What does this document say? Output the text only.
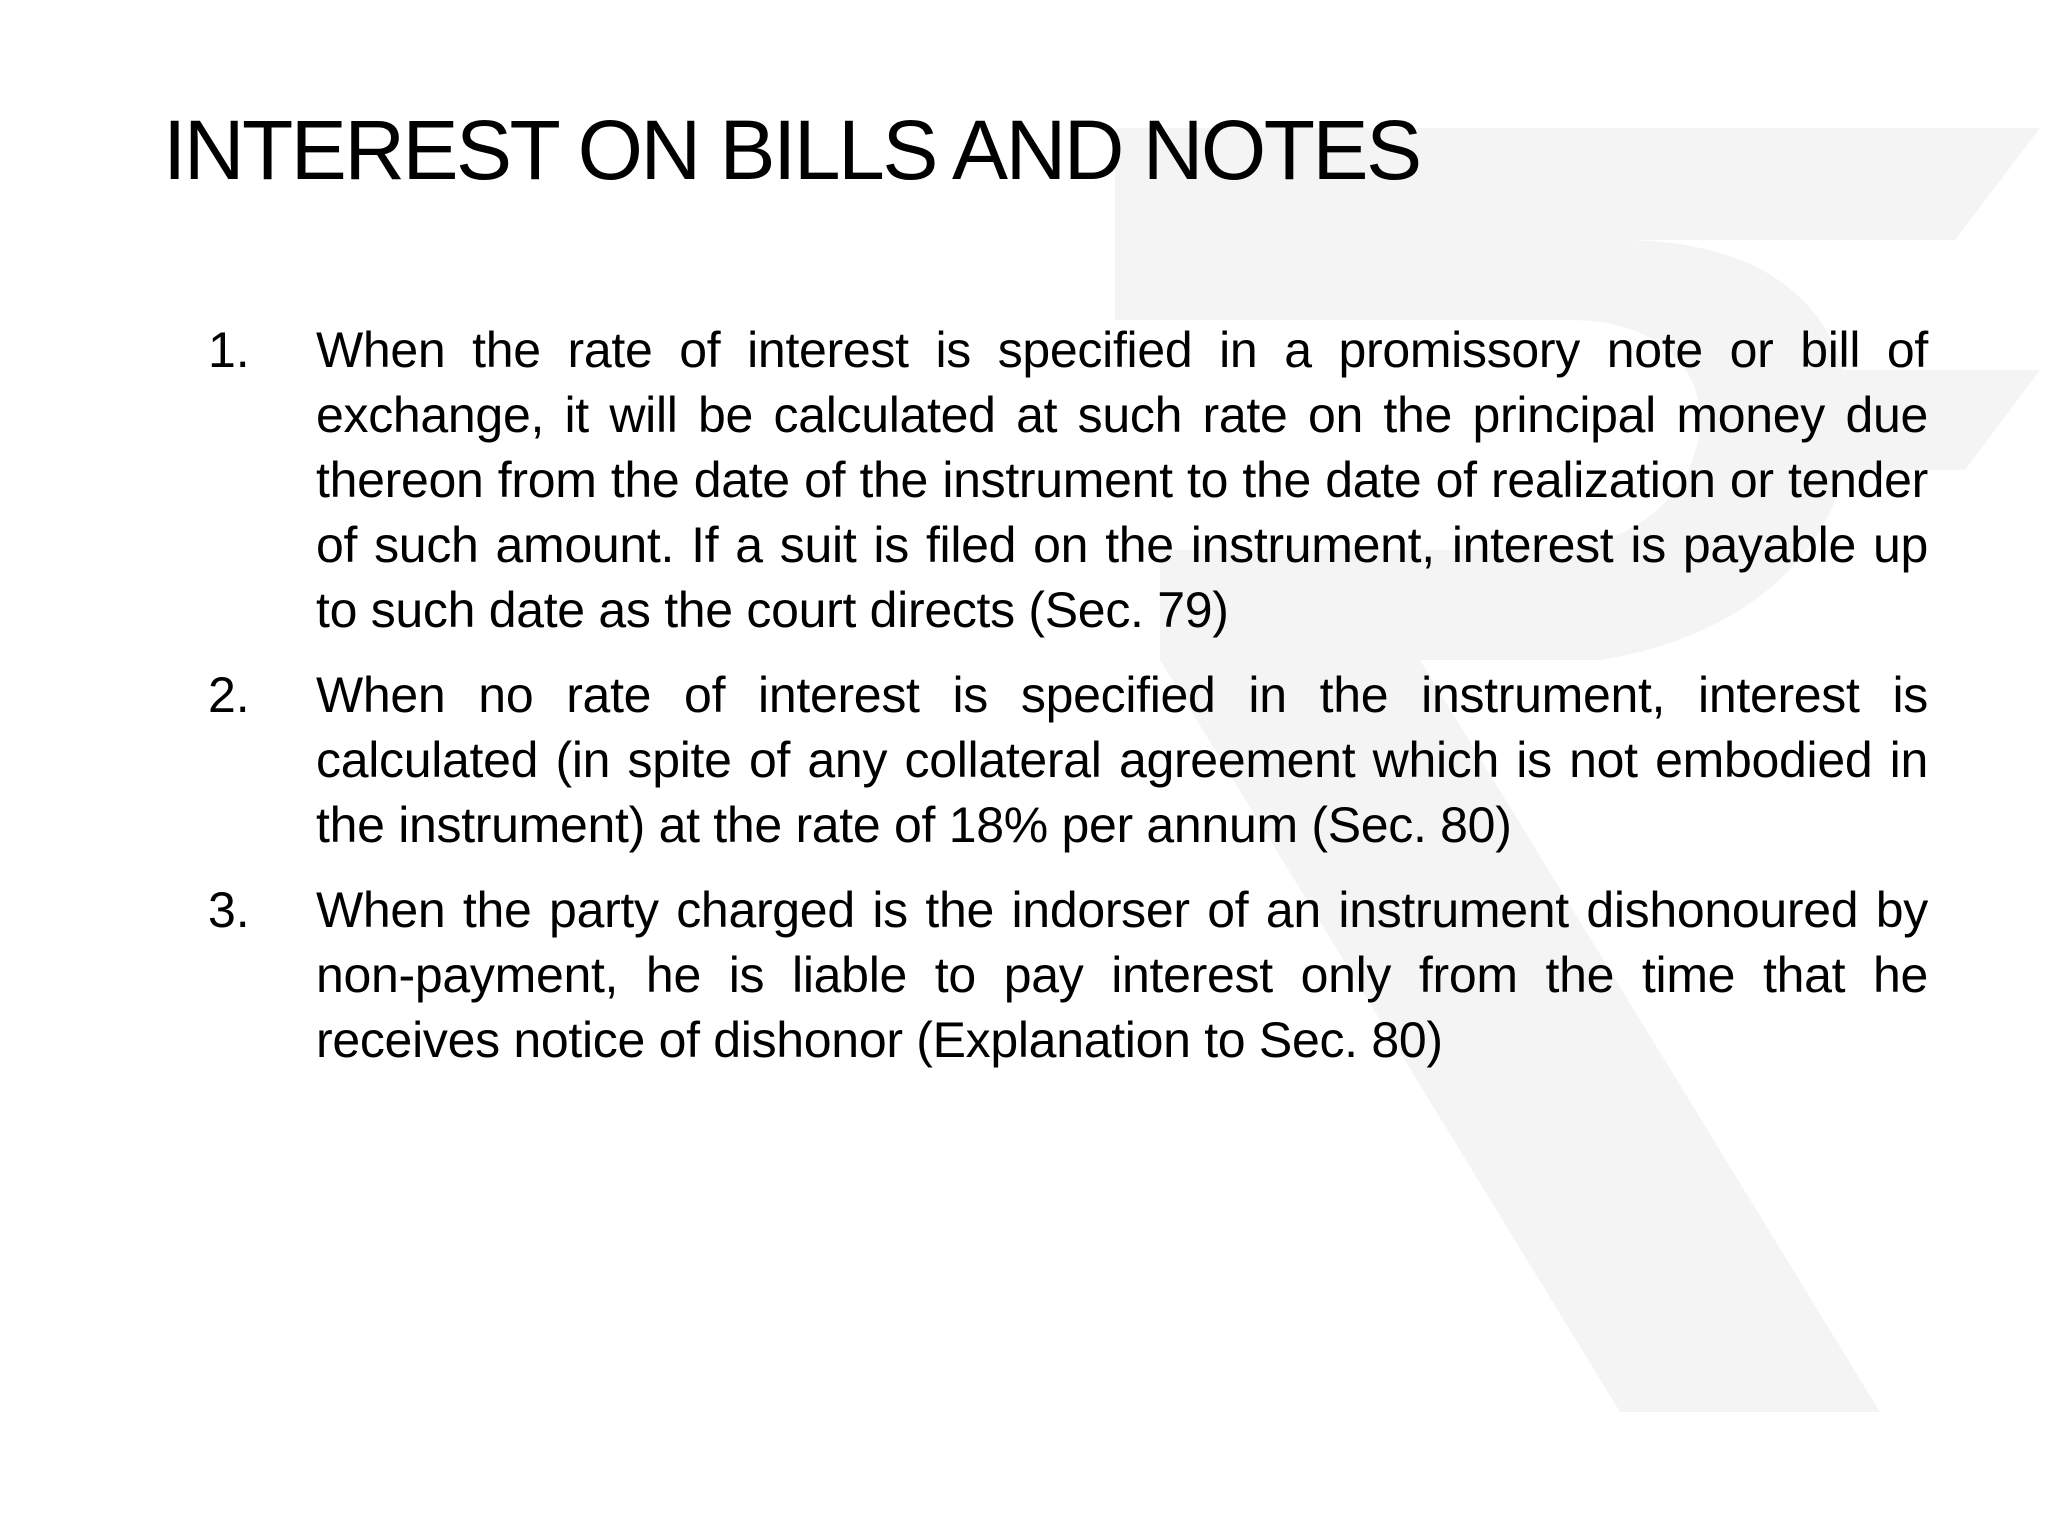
INTEREST ON BILLS AND NOTES
1.	When the rate of interest is specified in a promissory note or bill of exchange, it will be calculated at such rate on the principal money due thereon from the date of the instrument to the date of realization or tender of such amount. If a suit is filed on the instrument, interest is payable up to such date as the court directs (Sec. 79)
2.	When no rate of interest is specified in the instrument, interest is calculated (in spite of any collateral agreement which is not embodied in the instrument) at the rate of 18% per annum (Sec. 80)
3.	When the party charged is the indorser of an instrument dishonoured by non-payment, he is liable to pay interest only from the time that he receives notice of dishonor (Explanation to Sec. 80)
